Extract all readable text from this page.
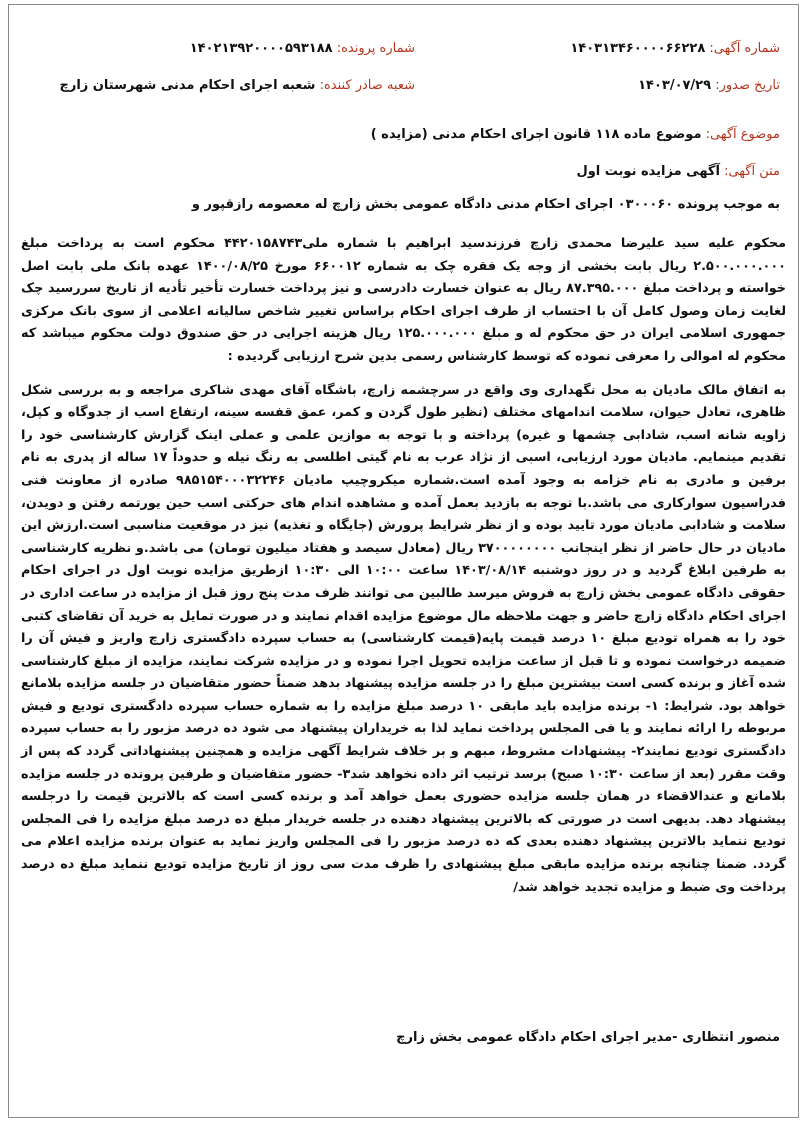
شماره آگهی: ۱۴۰۳۱۳۴۶۰۰۰۰۶۶۲۲۸
شماره پرونده: ۱۴۰۲۱۳۹۲۰۰۰۰۵۹۳۱۸۸
تاریخ صدور: ۱۴۰۳/۰۷/۲۹
شعبه صادر کننده: شعبه اجرای احکام مدنی شهرستان زارچ
موضوع آگهی: موضوع ماده ۱۱۸ قانون اجرای احکام مدنی (مزایده )
متن آگهی: آگهی مزایده نوبت اول
به موجب پرونده ۰۳۰۰۰۶۰ اجرای احکام مدنی دادگاه عمومی بخش زارچ له معصومه رازقپور و

محکوم علیه سید علیرضا محمدی زارچ فرزندسید ابراهیم با شماره ملی۴۴۲۰۱۵۸۷۴۳ محکوم است به پرداخت مبلغ ۲.۵۰۰.۰۰۰.۰۰۰ ریال بابت بخشی از وجه یک فقره چک به شماره ۶۶۰۰۱۲ مورخ ۱۴۰۰/۰۸/۲۵ عهده بانک ملی بابت اصل خواسته و پرداخت مبلغ ۸۷.۳۹۵.۰۰۰ ریال به عنوان خسارت دادرسی و نیز پرداخت خسارت تأخیر تأدیه از تاریخ سررسید چک لغایت زمان وصول کامل آن با احتساب از طرف اجرای احکام براساس تغییر شاخص سالیانه اعلامی از سوی بانک مرکزی جمهوری اسلامی ایران در حق محکوم له و مبلغ ۱۲۵.۰۰۰.۰۰۰ ریال هزینه اجرایی در حق صندوق دولت محکوم میباشد که محکوم له اموالی را معرفی نموده که توسط کارشناس رسمی بدین شرح ارزیابی گردیده :

به اتفاق مالک مادیان به محل نگهداری وی واقع در سرچشمه زارچ، باشگاه آقای مهدی شاکری مراجعه و به بررسی شکل ظاهری، تعادل حیوان، سلامت اندامهای مختلف (نظیر طول گردن و کمر، عمق قفسه سینه، ارتفاع اسب از جدوگاه و کپل، زاویه شانه اسب، شادابی چشمها و غیره) پرداخته و با توجه به موازین علمی و عملی اینک گزارش کارشناسی خود را تقدیم مینمایم. مادیان مورد ارزیابی، اسبی از نژاد عرب به نام گیتی اطلسی به رنگ نیله و حدوداً ۱۷ ساله از پدری به نام برفین و مادری به نام خزامه به وجود آمده است.شماره میکروچیپ مادیان ۹۸۵۱۵۴۰۰۰۳۲۲۴۶ صادره از معاونت فنی فدراسیون سوارکاری می باشد.با توجه به بازدید بعمل آمده و مشاهده اندام های حرکتی اسب حین یورتمه رفتن و دویدن، سلامت و شادابی مادیان مورد تایید بوده و از نظر شرایط پرورش (جایگاه و تغذیه) نیز در موقعیت مناسبی است.ارزش این مادیان در حال حاضر از نظر اینجانب ۳۷۰۰۰۰۰۰۰۰ ریال (معادل سیصد و هفتاد میلیون تومان) می باشد.و نظریه کارشناسی به طرفین ابلاغ گردید و در روز دوشنبه ۱۴۰۳/۰۸/۱۴ ساعت ۱۰:۰۰ الی ۱۰:۳۰ ازطریق مزایده نوبت اول در اجرای احکام حقوقی دادگاه عمومی بخش زارچ به فروش میرسد طالبین می توانند ظرف مدت پنج روز قبل از مزایده در ساعت اداری در اجرای احکام دادگاه زارچ حاضر و جهت ملاحظه مال موضوع مزایده اقدام نمایند و در صورت تمایل به خرید آن تقاضای کتبی خود را به همراه تودیع مبلغ ۱۰ درصد قیمت پایه(قیمت کارشناسی) به حساب سپرده دادگستری زارچ واریز و فیش آن را ضمیمه درخواست نموده و تا قبل از ساعت مزایده تحویل اجرا نموده و در مزایده شرکت نمایند، مزایده از مبلغ کارشناسی شده آغاز و برنده کسی است بیشترین مبلغ را در جلسه مزایده پیشنهاد بدهد ضمناً حضور متقاضیان در جلسه مزایده بلامانع خواهد بود. شرایط: ۱- برنده مزایده باید مابقی ۱۰ درصد مبلغ مزایده را به شماره حساب سپرده دادگستری تودیع و فیش مربوطه را ارائه نمایند و یا فی المجلس پرداخت نماید لذا به خریداران پیشنهاد می شود ده درصد مزبور را به حساب سپرده دادگستری تودیع نمایند۲- پیشنهادات مشروط، مبهم و بر خلاف شرایط آگهی مزایده و همچنین پیشنهاداتی گردد که پس از وقت مقرر (بعد از ساعت ۱۰:۳۰ صبح) برسد ترتیب اثر داده نخواهد شد۳- حضور متقاضیان و طرفین پرونده در جلسه مزایده بلامانع و عندالاقضاء در همان جلسه مزایده حضوری بعمل خواهد آمد و برنده کسی است که بالاترین قیمت را درجلسه پیشنهاد دهد. بدیهی است در صورتی که بالاترین پیشنهاد دهنده در جلسه خریدار مبلغ ده درصد مبلغ مزایده را فی المجلس تودیع ننماید بالاترین پیشنهاد دهنده بعدی که ده درصد مزبور را فی المجلس واریز نماید به عنوان برنده مزایده اعلام می گردد. ضمنا چنانچه برنده مزایده مابقی مبلغ پیشنهادی را ظرف مدت سی روز از تاریخ مزایده تودیع ننماید مبلغ ده درصد پرداخت وی ضبط و مزایده تجدید خواهد شد/

منصور انتظاری -مدیر اجرای احکام دادگاه عمومی بخش زارچ
